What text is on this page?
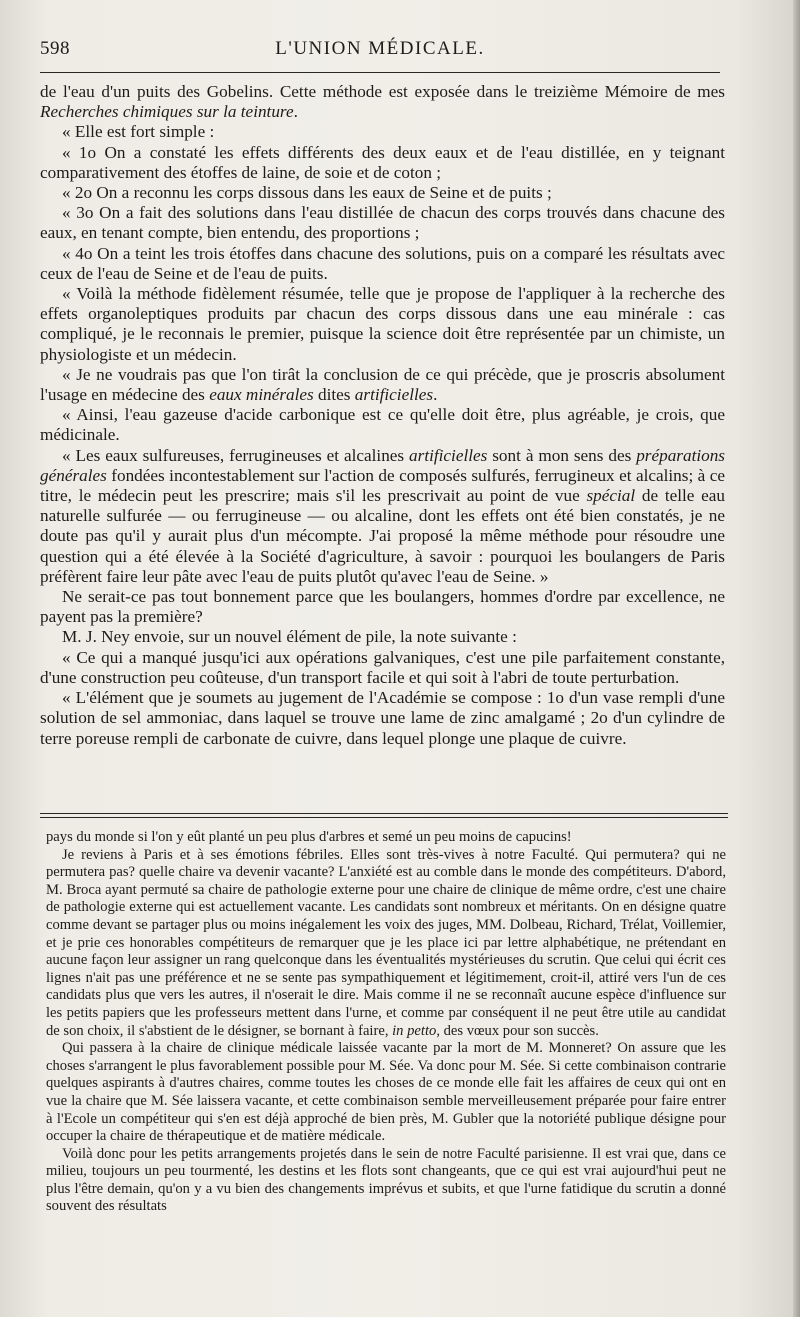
598	L'UNION MÉDICALE.

de l'eau d'un puits des Gobelins. Cette méthode est exposée dans le treizième Mémoire de mes Recherches chimiques sur la teinture.

« Elle est fort simple :

« 1o On a constaté les effets différents des deux eaux et de l'eau distillée, en y teignant comparativement des étoffes de laine, de soie et de coton ;

« 2o On a reconnu les corps dissous dans les eaux de Seine et de puits ;

« 3o On a fait des solutions dans l'eau distillée de chacun des corps trouvés dans chacune des eaux, en tenant compte, bien entendu, des proportions ;

« 4o On a teint les trois étoffes dans chacune des solutions, puis on a comparé les résultats avec ceux de l'eau de Seine et de l'eau de puits.

« Voilà la méthode fidèlement résumée, telle que je propose de l'appliquer à la recherche des effets organoleptiques produits par chacun des corps dissous dans une eau minérale : cas compliqué, je le reconnais le premier, puisque la science doit être représentée par un chimiste, un physiologiste et un médecin.

« Je ne voudrais pas que l'on tirât la conclusion de ce qui précède, que je proscris absolument l'usage en médecine des eaux minérales dites artificielles.

« Ainsi, l'eau gazeuse d'acide carbonique est ce qu'elle doit être, plus agréable, je crois, que médicinale.

« Les eaux sulfureuses, ferrugineuses et alcalines artificielles sont à mon sens des préparations générales fondées incontestablement sur l'action de composés sulfurés, ferrugineux et alcalins; à ce titre, le médecin peut les prescrire; mais s'il les prescrivait au point de vue spécial de telle eau naturelle sulfurée — ou ferrugineuse — ou alcaline, dont les effets ont été bien constatés, je ne doute pas qu'il y aurait plus d'un mécompte. J'ai proposé la même méthode pour résoudre une question qui a été élevée à la Société d'agriculture, à savoir : pourquoi les boulangers de Paris préfèrent faire leur pâte avec l'eau de puits plutôt qu'avec l'eau de Seine. »

Ne serait-ce pas tout bonnement parce que les boulangers, hommes d'ordre par excellence, ne payent pas la première?

M. J. Ney envoie, sur un nouvel élément de pile, la note suivante :

« Ce qui a manqué jusqu'ici aux opérations galvaniques, c'est une pile parfaitement constante, d'une construction peu coûteuse, d'un transport facile et qui soit à l'abri de toute perturbation.

« L'élément que je soumets au jugement de l'Académie se compose : 1o d'un vase rempli d'une solution de sel ammoniac, dans laquel se trouve une lame de zinc amalgamé ; 2o d'un cylindre de terre poreuse rempli de carbonate de cuivre, dans lequel plonge une plaque de cuivre.

pays du monde si l'on y eût planté un peu plus d'arbres et semé un peu moins de capucins!

Je reviens à Paris et à ses émotions fébriles. Elles sont très-vives à notre Faculté. Qui permutera? qui ne permutera pas? quelle chaire va devenir vacante? L'anxiété est au comble dans le monde des compétiteurs. D'abord, M. Broca ayant permuté sa chaire de pathologie externe pour une chaire de clinique de même ordre, c'est une chaire de pathologie externe qui est actuellement vacante. Les candidats sont nombreux et méritants. On en désigne quatre comme devant se partager plus ou moins inégalement les voix des juges, MM. Dolbeau, Richard, Trélat, Voillemier, et je prie ces honorables compétiteurs de remarquer que je les place ici par lettre alphabétique, ne prétendant en aucune façon leur assigner un rang quelconque dans les éventualités mystérieuses du scrutin. Que celui qui écrit ces lignes n'ait pas une préférence et ne se sente pas sympathiquement et légitimement, croit-il, attiré vers l'un de ces candidats plus que vers les autres, il n'oserait le dire. Mais comme il ne se reconnaît aucune espèce d'influence sur les petits papiers que les professeurs mettent dans l'urne, et comme par conséquent il ne peut être utile au candidat de son choix, il s'abstient de le désigner, se bornant à faire, in petto, des vœux pour son succès.

Qui passera à la chaire de clinique médicale laissée vacante par la mort de M. Monneret? On assure que les choses s'arrangent le plus favorablement possible pour M. Sée. Va donc pour M. Sée. Si cette combinaison contrarie quelques aspirants à d'autres chaires, comme toutes les choses de ce monde elle fait les affaires de ceux qui ont en vue la chaire que M. Sée laissera vacante, et cette combinaison semble merveilleusement préparée pour faire entrer à l'Ecole un compétiteur qui s'en est déjà approché de bien près, M. Gubler que la notoriété publique désigne pour occuper la chaire de thérapeutique et de matière médicale.

Voilà donc pour les petits arrangements projetés dans le sein de notre Faculté parisienne. Il est vrai que, dans ce milieu, toujours un peu tourmenté, les destins et les flots sont changeants, que ce qui est vrai aujourd'hui peut ne plus l'être demain, qu'on y a vu bien des changements imprévus et subits, et que l'urne fatidique du scrutin a donné souvent des résultats
